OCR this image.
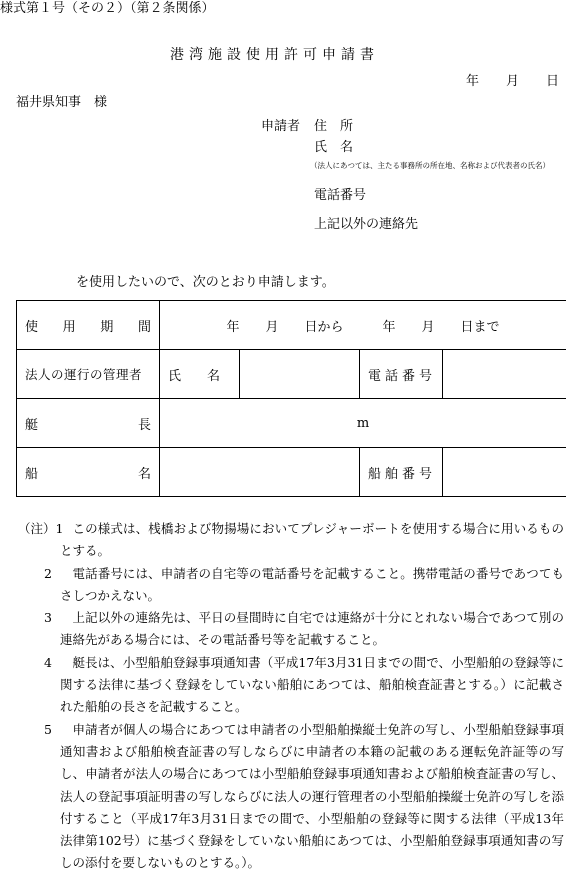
様式第１号（その２）（第２条関係）
港湾施設使用許可申請書
年 月 日
福井県知事　様
申請者 住　所
氏　名
（法人にあつては、主たる事務所の所在地、名称および代表者の氏名）
電話番号
上記以外の連絡先
を使用したいので、次のとおり申請します。
使 用 期 間	年　　月　　日から　　　年　　月　　日まで			

法人の運行の管理者	氏 名		電話番号	

艇 長	m			

船 名			船舶番号	

（注）1 この様式は、桟橋および物揚場においてプレジャーボートを使用する場合に用いるものとする。
2	電話番号には、申請者の自宅等の電話番号を記載すること。携帯電話の番号であつてもさしつかえない。
3	上記以外の連絡先は、平日の昼間時に自宅では連絡が十分にとれない場合であつて別の連絡先がある場合には、その電話番号等を記載すること。
4	艇長は、小型船舶登録事項通知書（平成17年3月31日までの間で、小型船舶の登録等に関する法律に基づく登録をしていない船舶にあつては、船舶検査証書とする。）に記載された船舶の長さを記載すること。
5	申請者が個人の場合にあつては申請者の小型船舶操縦士免許の写し、小型船舶登録事項通知書および船舶検査証書の写しならびに申請者の本籍の記載のある運転免許証等の写し、申請者が法人の場合にあつては小型船舶登録事項通知書および船舶検査証書の写し、法人の登記事項証明書の写しならびに法人の運行管理者の小型船舶操縦士免許の写しを添付すること（平成17年3月31日までの間で、小型船舶の登録等に関する法律（平成13年法律第102号）に基づく登録をしていない船舶にあつては、小型船舶登録事項通知書の写しの添付を要しないものとする。）。
